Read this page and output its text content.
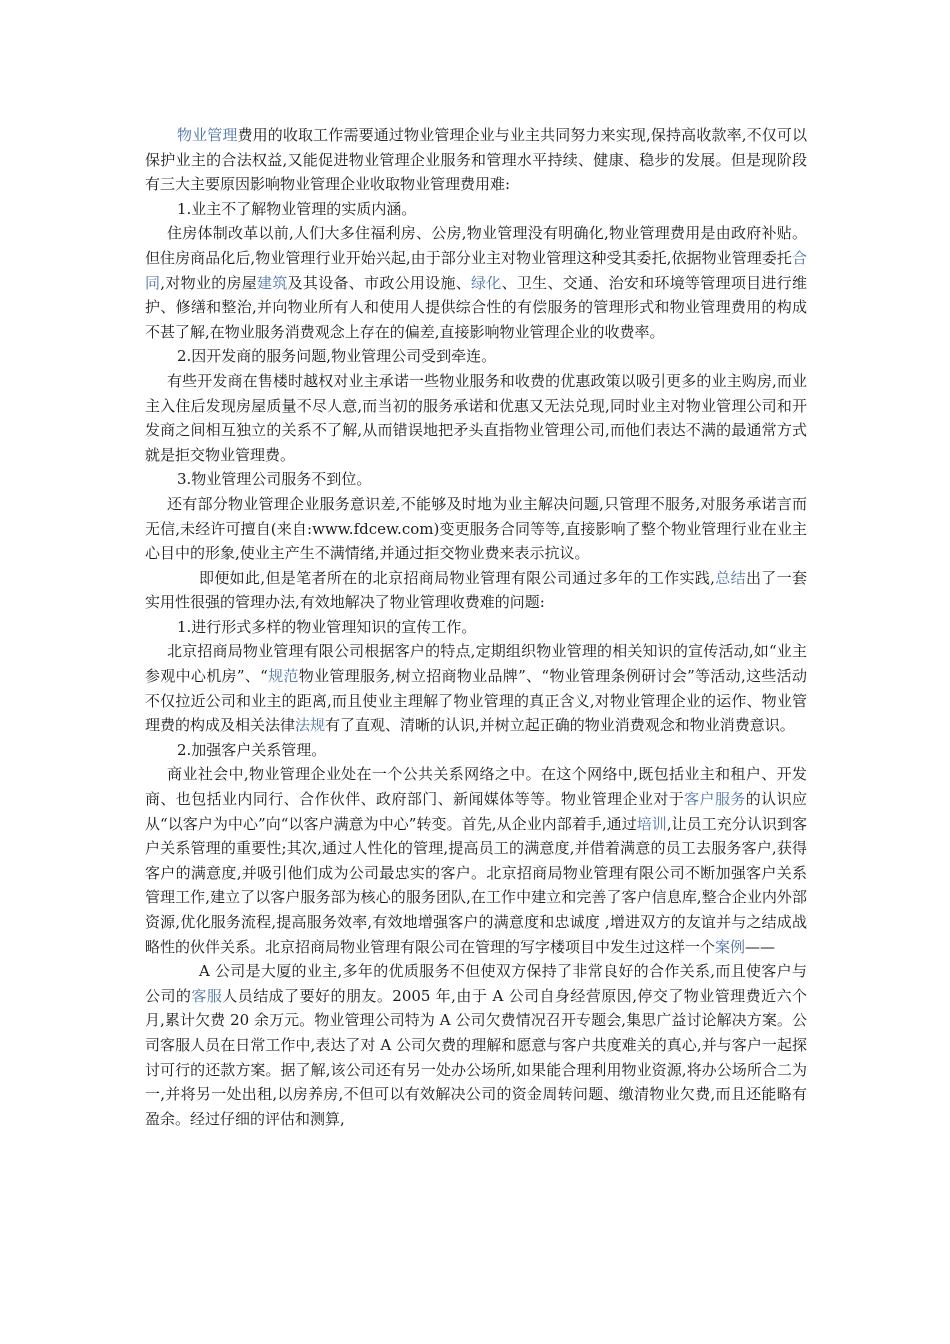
物业管理费用的收取工作需要通过物业管理企业与业主共同努力来实现,保持高收款率,不仅可以保护业主的合法权益,又能促进物业管理企业服务和管理水平持续、健康、稳步的发展。但是现阶段有三大主要原因影响物业管理企业收取物业管理费用难:

1.业主不了解物业管理的实质内涵。

住房体制改革以前,人们大多住福利房、公房,物业管理没有明确化,物业管理费用是由政府补贴。但住房商品化后,物业管理行业开始兴起,由于部分业主对物业管理这种受其委托,依据物业管理委托合同,对物业的房屋建筑及其设备、市政公用设施、绿化、卫生、交通、治安和环境等管理项目进行维护、修缮和整治,并向物业所有人和使用人提供综合性的有偿服务的管理形式和物业管理费用的构成不甚了解,在物业服务消费观念上存在的偏差,直接影响物业管理企业的收费率。

2.因开发商的服务问题,物业管理公司受到牵连。

有些开发商在售楼时越权对业主承诺一些物业服务和收费的优惠政策以吸引更多的业主购房,而业主入住后发现房屋质量不尽人意,而当初的服务承诺和优惠又无法兑现,同时业主对物业管理公司和开发商之间相互独立的关系不了解,从而错误地把矛头直指物业管理公司,而他们表达不满的最通常方式就是拒交物业管理费。

3.物业管理公司服务不到位。

还有部分物业管理企业服务意识差,不能够及时地为业主解决问题,只管理不服务,对服务承诺言而无信,未经许可擅自(来自:www.fdcew.com)变更服务合同等等,直接影响了整个物业管理行业在业主心目中的形象,使业主产生不满情绪,并通过拒交物业费来表示抗议。

即便如此,但是笔者所在的北京招商局物业管理有限公司通过多年的工作实践,总结出了一套实用性很强的管理办法,有效地解决了物业管理收费难的问题:

1.进行形式多样的物业管理知识的宣传工作。

北京招商局物业管理有限公司根据客户的特点,定期组织物业管理的相关知识的宣传活动,如“业主参观中心机房”、“规范物业管理服务,树立招商物业品牌”、“物业管理条例研讨会”等活动,这些活动不仅拉近公司和业主的距离,而且使业主理解了物业管理的真正含义,对物业管理企业的运作、物业管理费的构成及相关法律法规有了直观、清晰的认识,并树立起正确的物业消费观念和物业消费意识。

2.加强客户关系管理。

商业社会中,物业管理企业处在一个公共关系网络之中。在这个网络中,既包括业主和租户、开发商、也包括业内同行、合作伙伴、政府部门、新闻媒体等等。物业管理企业对于客户服务的认识应从“以客户为中心”向“以客户满意为中心”转变。首先,从企业内部着手,通过培训,让员工充分认识到客户关系管理的重要性;其次,通过人性化的管理,提高员工的满意度,并借着满意的员工去服务客户,获得客户的满意度,并吸引他们成为公司最忠实的客户。北京招商局物业管理有限公司不断加强客户关系管理工作,建立了以客户服务部为核心的服务团队,在工作中建立和完善了客户信息库,整合企业内外部资源,优化服务流程,提高服务效率,有效地增强客户的满意度和忠诚度 ,增进双方的友谊并与之结成战略性的伙伴关系。北京招商局物业管理有限公司在管理的写字楼项目中发生过这样一个案例——

A 公司是大厦的业主,多年的优质服务不但使双方保持了非常良好的合作关系,而且使客户与公司的客服人员结成了要好的朋友。2005 年,由于 A 公司自身经营原因,停交了物业管理费近六个月,累计欠费 20 余万元。物业管理公司特为 A 公司欠费情况召开专题会,集思广益讨论解决方案。公司客服人员在日常工作中,表达了对 A 公司欠费的理解和愿意与客户共度难关的真心,并与客户一起探讨可行的还款方案。据了解,该公司还有另一处办公场所,如果能合理利用物业资源,将办公场所合二为一,并将另一处出租,以房养房,不但可以有效解决公司的资金周转问题、缴清物业欠费,而且还能略有盈余。经过仔细的评估和测算,
